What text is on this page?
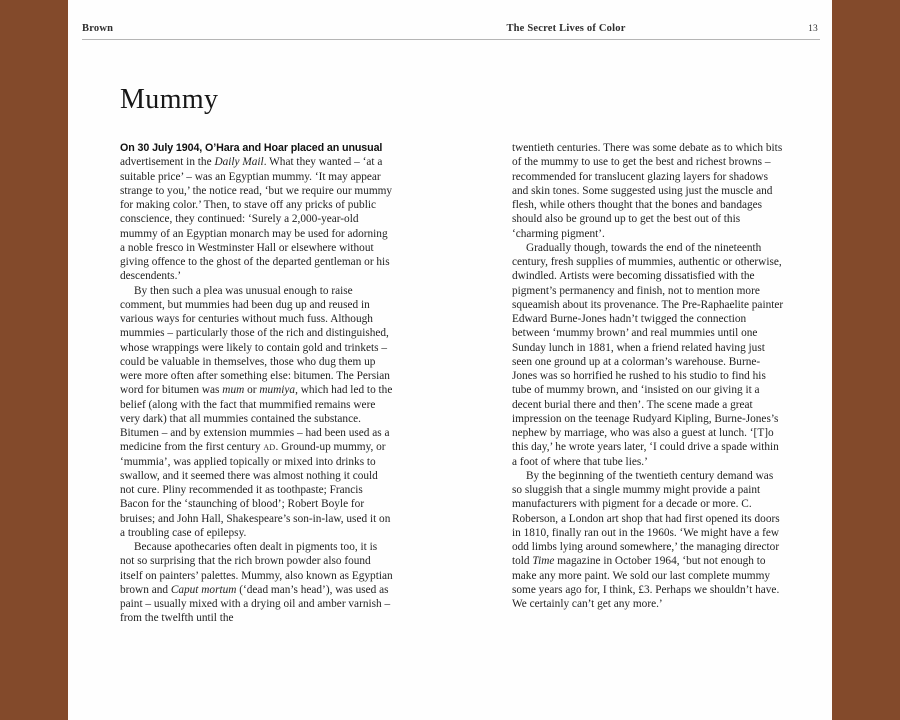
Brown	The Secret Lives of Color	13
Mummy

On 30 July 1904, O’Hara and Hoar placed an unusual advertisement in the Daily Mail. What they wanted – ‘at a suitable price’ – was an Egyptian mummy. ‘It may appear strange to you,’ the notice read, ‘but we require our mummy for making color.’ Then, to stave off any pricks of public conscience, they continued: ‘Surely a 2,000-year-old mummy of an Egyptian monarch may be used for adorning a noble fresco in Westminster Hall or elsewhere without giving offence to the ghost of the departed gentleman or his descendents.’

By then such a plea was unusual enough to raise comment, but mummies had been dug up and reused in various ways for centuries without much fuss. Although mummies – particularly those of the rich and distinguished, whose wrappings were likely to contain gold and trinkets – could be valuable in themselves, those who dug them up were more often after something else: bitumen. The Persian word for bitumen was mum or mumiya, which had led to the belief (along with the fact that mummified remains were very dark) that all mummies contained the substance. Bitumen – and by extension mummies – had been used as a medicine from the first century ad. Ground-up mummy, or ‘mummia’, was applied topically or mixed into drinks to swallow, and it seemed there was almost nothing it could not cure. Pliny recommended it as toothpaste; Francis Bacon for the ‘staunching of blood’; Robert Boyle for bruises; and John Hall, Shakespeare’s son-in-law, used it on a troubling case of epilepsy.

Because apothecaries often dealt in pigments too, it is not so surprising that the rich brown powder also found itself on painters’ palettes. Mummy, also known as Egyptian brown and Caput mortum (‘dead man’s head’), was used as paint – usually mixed with a drying oil and amber varnish – from the twelfth until the

twentieth centuries. There was some debate as to which bits of the mummy to use to get the best and richest browns – recommended for translucent glazing layers for shadows and skin tones. Some suggested using just the muscle and flesh, while others thought that the bones and bandages should also be ground up to get the best out of this ‘charming pigment’.

Gradually though, towards the end of the nineteenth century, fresh supplies of mummies, authentic or otherwise, dwindled. Artists were becoming dissatisfied with the pigment’s permanency and finish, not to mention more squeamish about its provenance. The Pre-Raphaelite painter Edward Burne-Jones hadn’t twigged the connection between ‘mummy brown’ and real mummies until one Sunday lunch in 1881, when a friend related having just seen one ground up at a colorman’s warehouse. Burne-Jones was so horrified he rushed to his studio to find his tube of mummy brown, and ‘insisted on our giving it a decent burial there and then’. The scene made a great impression on the teenage Rudyard Kipling, Burne-Jones’s nephew by marriage, who was also a guest at lunch. ‘[T]o this day,’ he wrote years later, ‘I could drive a spade within a foot of where that tube lies.’

By the beginning of the twentieth century demand was so sluggish that a single mummy might provide a paint manufacturers with pigment for a decade or more. C. Roberson, a London art shop that had first opened its doors in 1810, finally ran out in the 1960s. ‘We might have a few odd limbs lying around somewhere,’ the managing director told Time magazine in October 1964, ‘but not enough to make any more paint. We sold our last complete mummy some years ago for, I think, £3. Perhaps we shouldn’t have. We certainly can’t get any more.’
